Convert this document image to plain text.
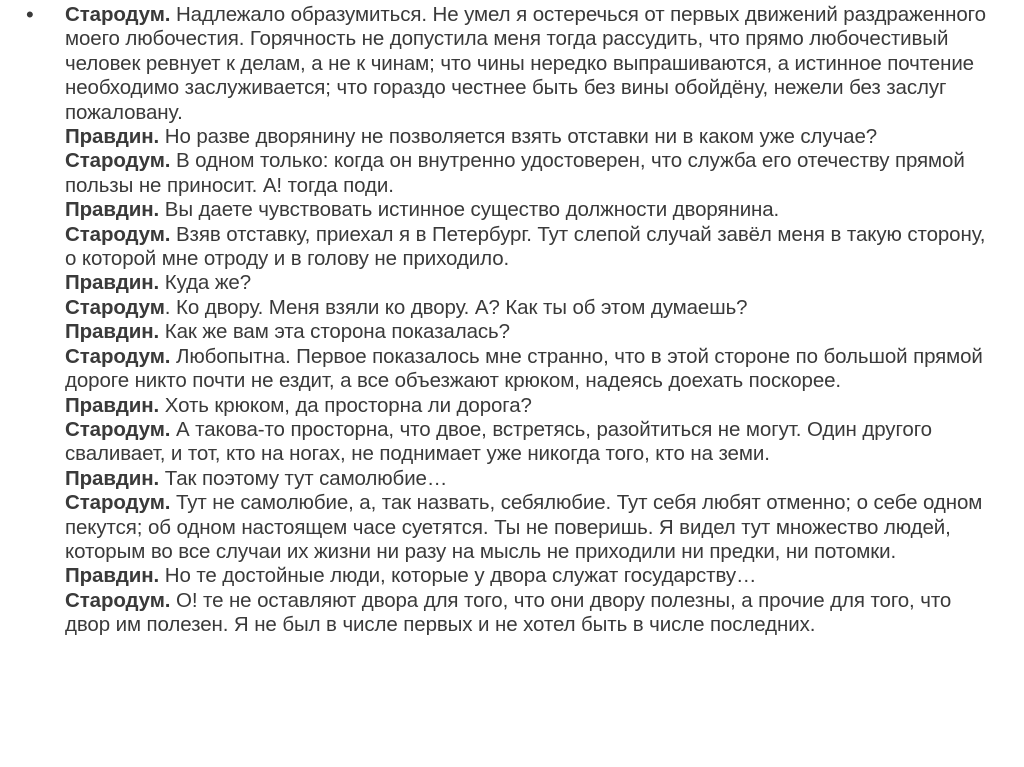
• Стародум. Надлежало образумиться. Не умел я остеречься от первых движений раздраженного моего любочестия. Горячность не допустила меня тогда рассудить, что прямо любочестивый человек ревнует к делам, а не к чинам; что чины нередко выпрашиваются, а истинное почтение необходимо заслуживается; что гораздо честнее быть без вины обойдёну, нежели без заслуг пожалованy.

Правдин. Но разве дворянину не позволяется взять отставки ни в каком уже случае?

Стародум. В одном только: когда он внутренно удостоверен, что служба его отечеству прямой пользы не приносит. А! тогда поди.

Правдин. Вы даете чувствовать истинное существо должности дворянина.

Стародум. Взяв отставку, приехал я в Петербург. Тут слепой случай завёл меня в такую сторону, о которой мне отроду и в голову не приходило.

Правдин. Куда же?

Стародум. Ко двору. Меня взяли ко двору. А? Как ты об этом думаешь?

Правдин. Как же вам эта сторона показалась?

Стародум. Любопытна. Первое показалось мне странно, что в этой стороне по большой прямой дороге никто почти не ездит, а все объезжают крюком, надеясь доехать поскорее.

Правдин. Хоть крюком, да просторна ли дорога?

Стародум. А такова-то просторна, что двое, встретясь, разойтиться не могут. Один другого сваливает, и тот, кто на ногах, не поднимает уже никогда того, кто на земи.

Правдин. Так поэтому тут самолюбие…

Стародум. Тут не самолюбие, а, так назвать, себялюбие. Тут себя любят отменно; о себе одном пекутся; об одном настоящем часе суетятся. Ты не поверишь. Я видел тут множество людей, которым во все случаи их жизни ни разу на мысль не приходили ни предки, ни потомки.

Правдин. Но те достойные люди, которые у двора служат государству…

Стародум. О! те не оставляют двора для того, что они двору полезны, а прочие для того, что двор им полезен. Я не был в числе первых и не хотел быть в числе последних.
